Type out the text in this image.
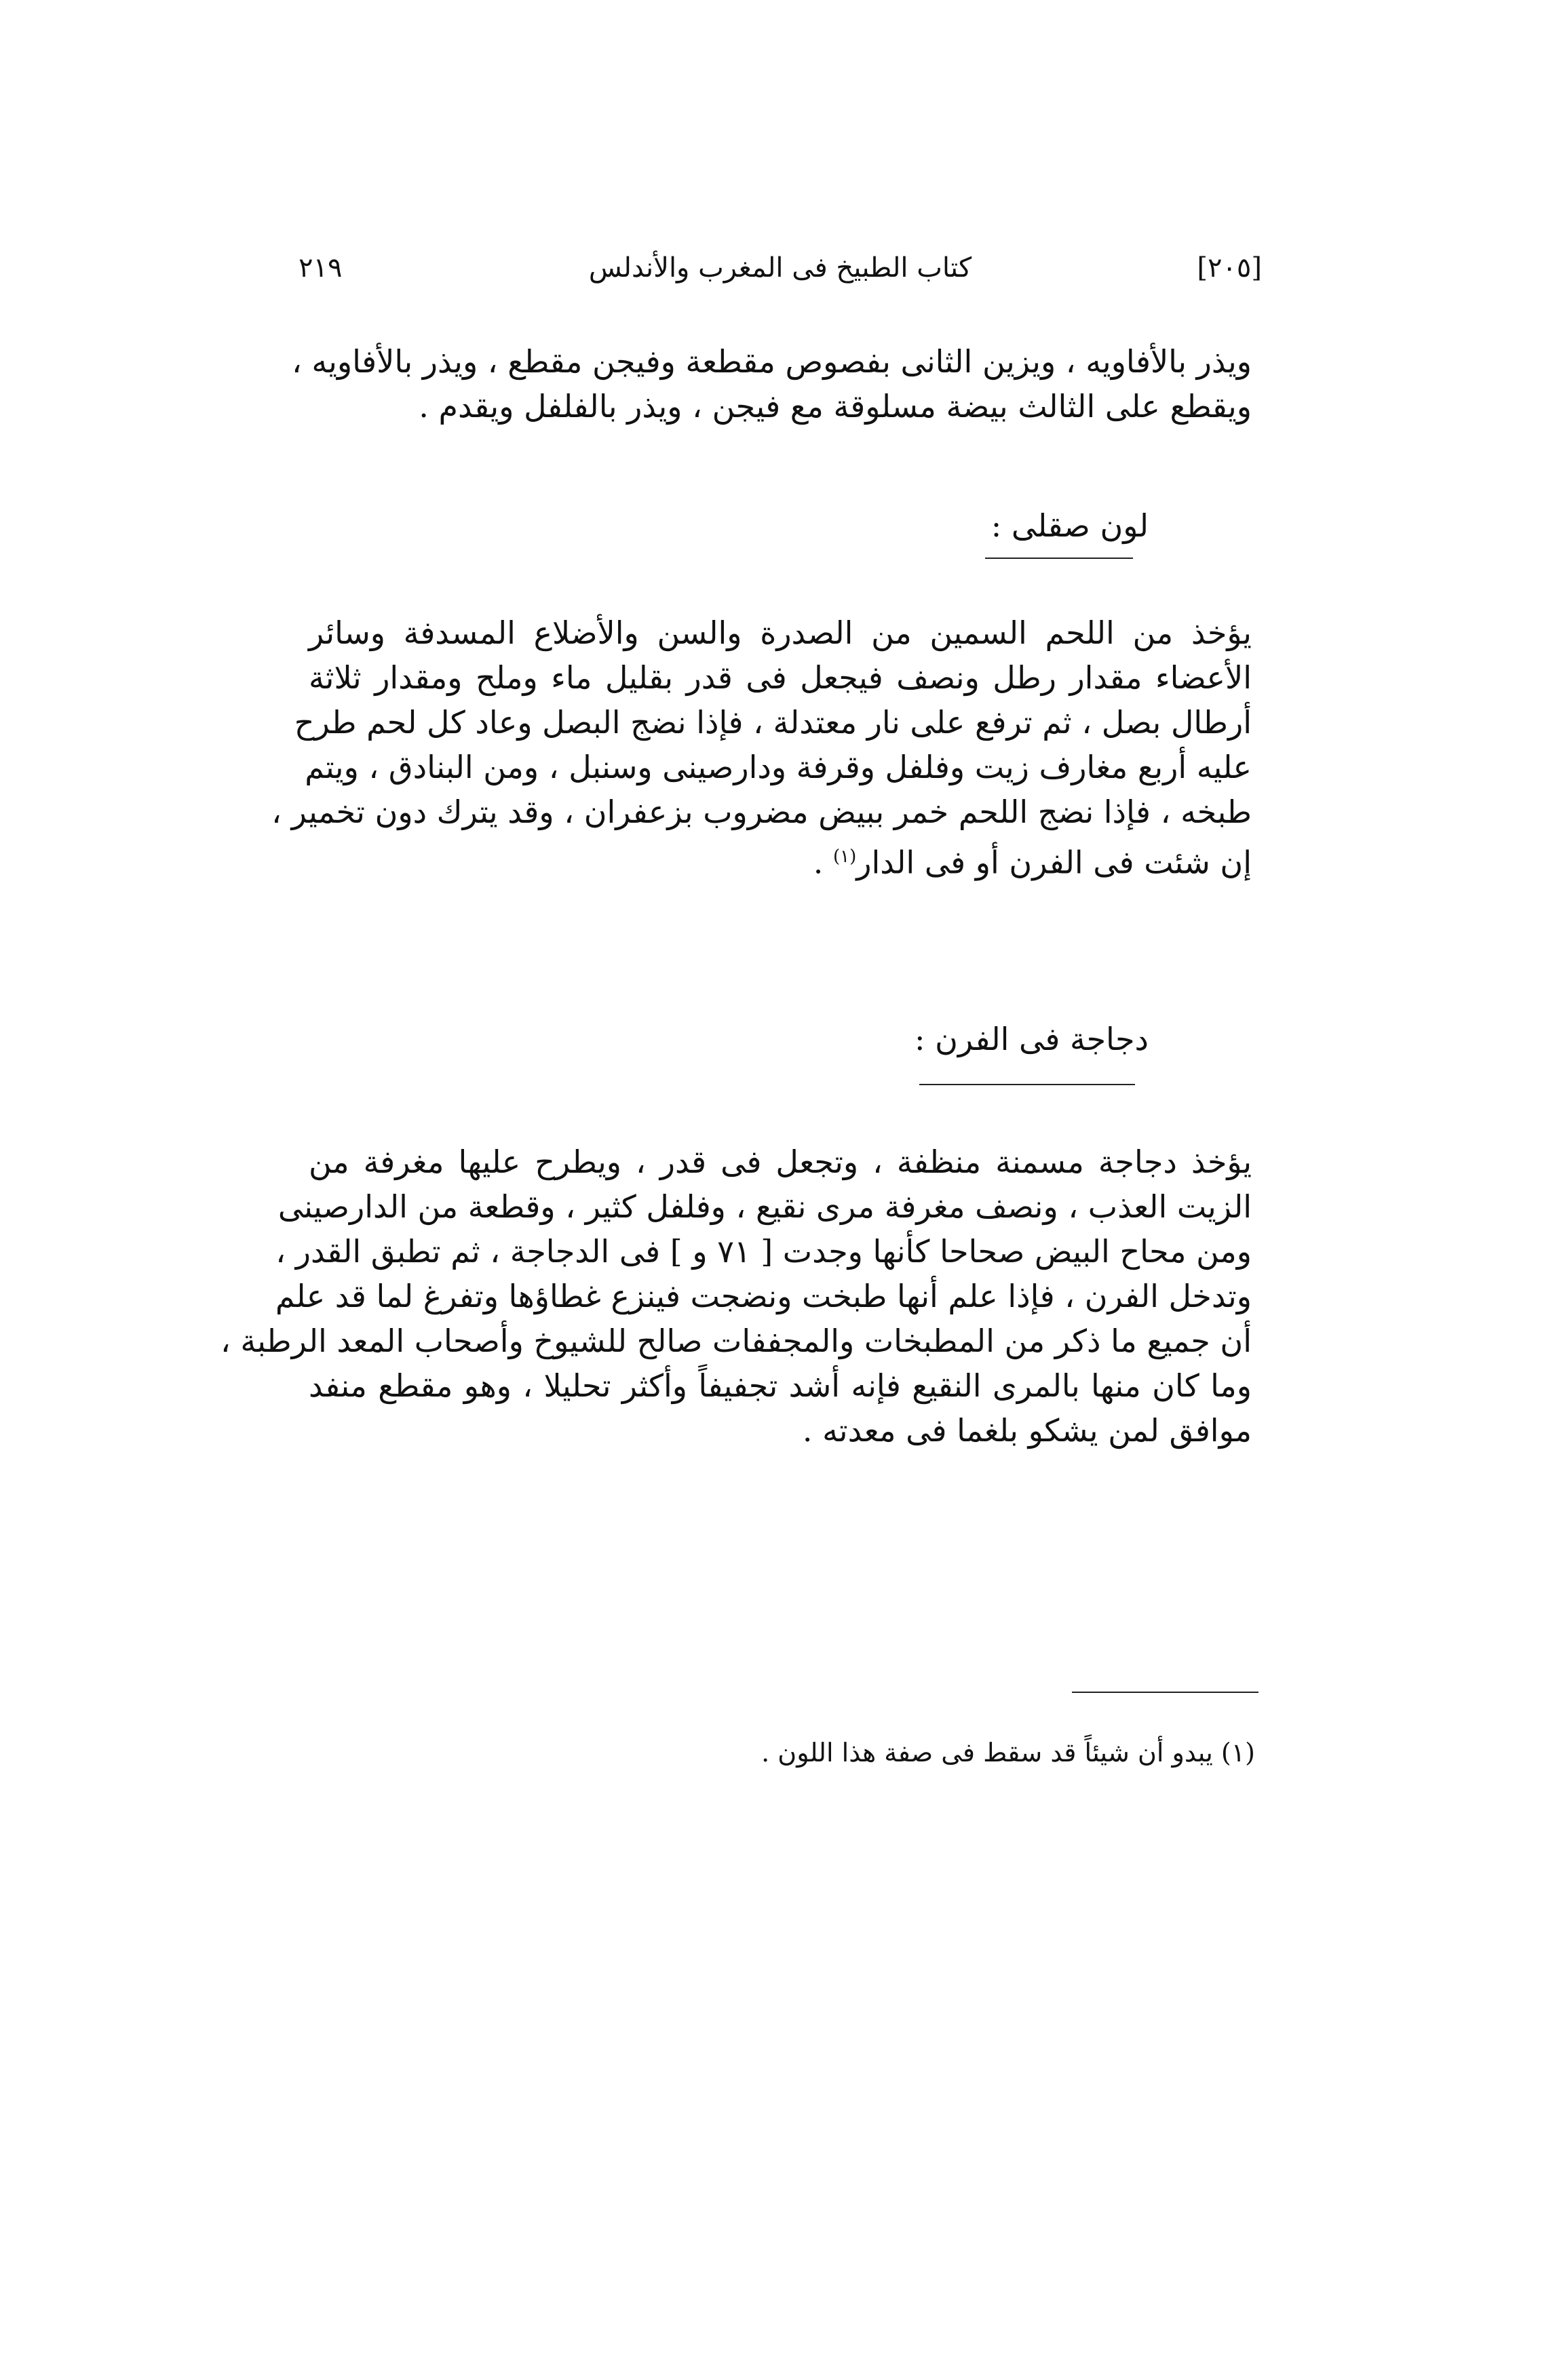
٢١٩	كتاب الطبيخ فى المغرب والأندلس	[٢٠٥]
ويذر بالأفاويه ، ويزين الثانى بفصوص مقطعة وفيجن مقطع ، ويذر بالأفاويه ،
ويقطع على الثالث بيضة مسلوقة مع فيجن ، ويذر بالفلفل ويقدم .
لون صقلى :
يؤخذ من اللحم السمين من الصدرة والسن والأضلاع المسدفة وسائر
الأعضاء مقدار رطل ونصف فيجعل فى قدر بقليل ماء وملح ومقدار ثلاثة
أرطال بصل ، ثم ترفع على نار معتدلة ، فإذا نضج البصل وعاد كل لحم طرح
عليه أربع مغارف زيت وفلفل وقرفة ودارصينى وسنبل ، ومن البنادق ، ويتم
طبخه ، فإذا نضج اللحم خمر ببيض مضروب بزعفران ، وقد يترك دون تخمير ،
إن شئت فى الفرن أو فى الدار$^{(١)}$ .
دجاجة فى الفرن :
يؤخذ دجاجة مسمنة منظفة ، وتجعل فى قدر ، ويطرح عليها مغرفة من
الزيت العذب ، ونصف مغرفة مرى نقيع ، وفلفل كثير ، وقطعة من الدارصينى
ومن محاح البيض صحاحا كأنها وجدت [ ٧١ و ] فى الدجاجة ، ثم تطبق القدر ،
وتدخل الفرن ، فإذا علم أنها طبخت ونضجت فينزع غطاؤها وتفرغ لما قد علم
أن جميع ما ذكر من المطبخات والمجففات صالح للشيوخ وأصحاب المعد الرطبة ،
وما كان منها بالمرى النقيع فإنه أشد تجفيفاً وأكثر تحليلا ، وهو مقطع منفد
موافق لمن يشكو بلغما فى معدته .
(١) يبدو أن شيئاً قد سقط فى صفة هذا اللون .
